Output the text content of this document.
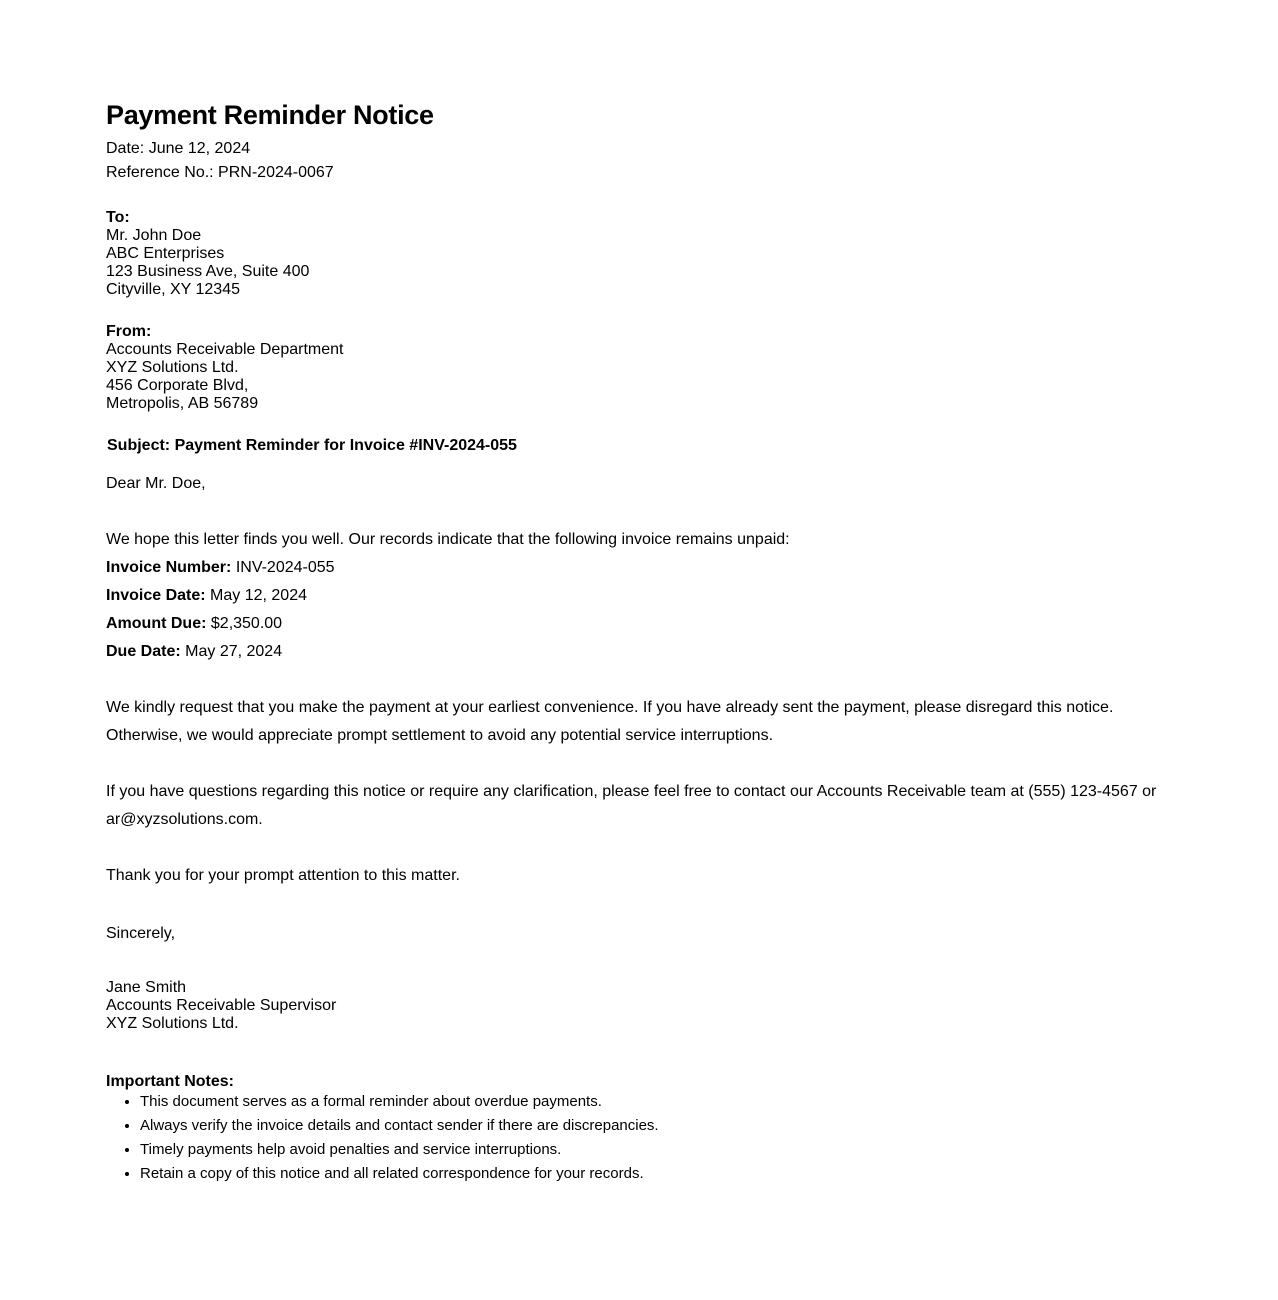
Payment Reminder Notice
Date: June 12, 2024
Reference No.: PRN-2024-0067
To:
Mr. John Doe
ABC Enterprises
123 Business Ave, Suite 400
Cityville, XY 12345
From:
Accounts Receivable Department
XYZ Solutions Ltd.
456 Corporate Blvd,
Metropolis, AB 56789
Subject: Payment Reminder for Invoice #INV-2024-055
Dear Mr. Doe,
We hope this letter finds you well. Our records indicate that the following invoice remains unpaid:
Invoice Number: INV-2024-055
Invoice Date: May 12, 2024
Amount Due: $2,350.00
Due Date: May 27, 2024
We kindly request that you make the payment at your earliest convenience. If you have already sent the payment, please disregard this notice. Otherwise, we would appreciate prompt settlement to avoid any potential service interruptions.
If you have questions regarding this notice or require any clarification, please feel free to contact our Accounts Receivable team at (555) 123-4567 or ar@xyzsolutions.com.
Thank you for your prompt attention to this matter.
Sincerely,
Jane Smith
Accounts Receivable Supervisor
XYZ Solutions Ltd.
Important Notes:
• This document serves as a formal reminder about overdue payments.
• Always verify the invoice details and contact sender if there are discrepancies.
• Timely payments help avoid penalties and service interruptions.
• Retain a copy of this notice and all related correspondence for your records.
